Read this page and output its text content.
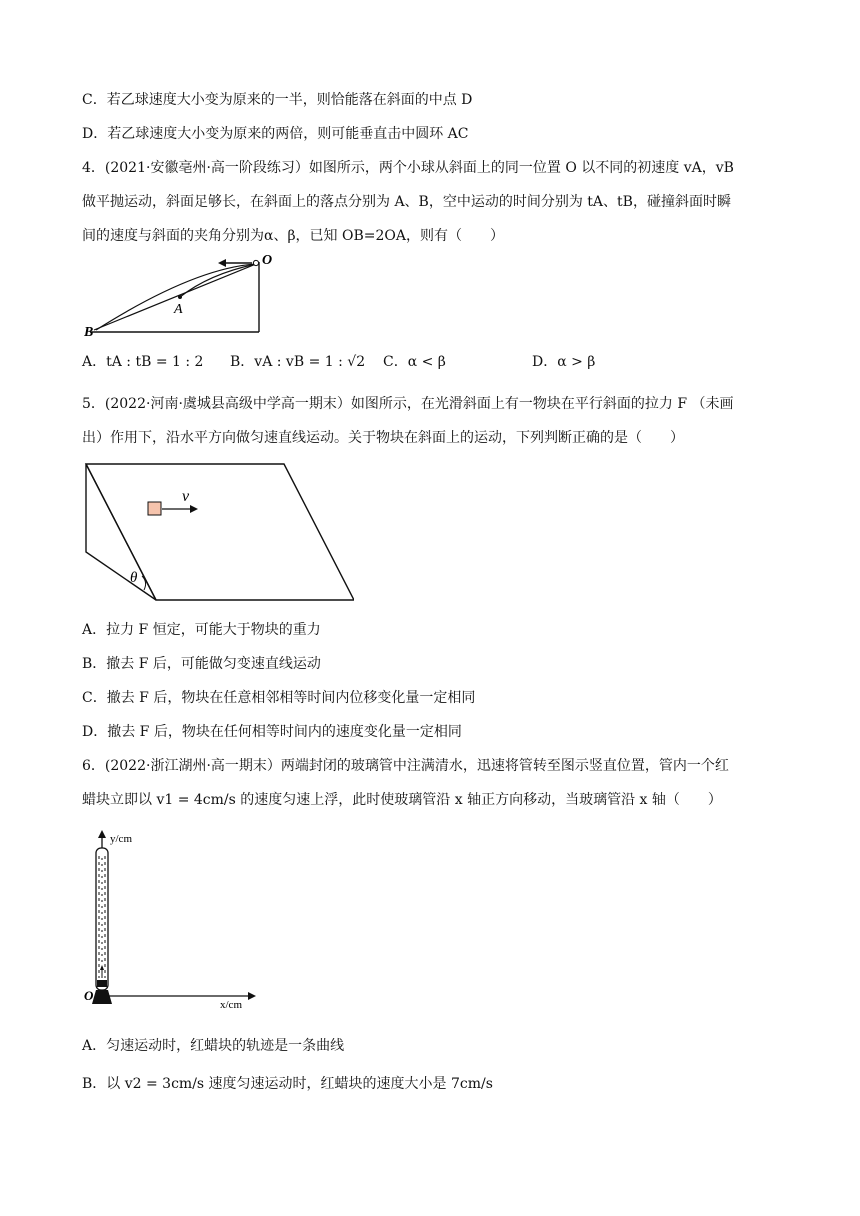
C．若乙球速度大小变为原来的一半，则恰能落在斜面的中点 D
D．若乙球速度大小变为原来的两倍，则可能垂直击中圆环 AC
4．(2021·安徽亳州·高一阶段练习）如图所示，两个小球从斜面上的同一位置 O 以不同的初速度 vA，vB
做平抛运动，斜面足够长，在斜面上的落点分别为 A、B，空中运动的时间分别为 tA、tB，碰撞斜面时瞬
间的速度与斜面的夹角分别为α、β，已知 OB=2OA，则有（　　）
O
A
B
A．tA : tB = 1 : 2 B．vA : vB = 1 : √2 C．α < β	D．α > β
5．(2022·河南·虞城县高级中学高一期末）如图所示，在光滑斜面上有一物块在平行斜面的拉力 F （未画
出）作用下，沿水平方向做匀速直线运动。关于物块在斜面上的运动，下列判断正确的是（　　）
v
θ
A．拉力 F 恒定，可能大于物块的重力
B．撤去 F 后，可能做匀变速直线运动
C．撤去 F 后，物块在任意相邻相等时间内位移变化量一定相同
D．撤去 F 后，物块在任何相等时间内的速度变化量一定相同
6．(2022·浙江湖州·高一期末）两端封闭的玻璃管中注满清水，迅速将管转至图示竖直位置，管内一个红
蜡块立即以 v1 = 4cm/s 的速度匀速上浮，此时使玻璃管沿 x 轴正方向移动，当玻璃管沿 x 轴（　　）
y/cm
O
x/cm
A．匀速运动时，红蜡块的轨迹是一条曲线
B．以 v2 = 3cm/s 速度匀速运动时，红蜡块的速度大小是 7cm/s
